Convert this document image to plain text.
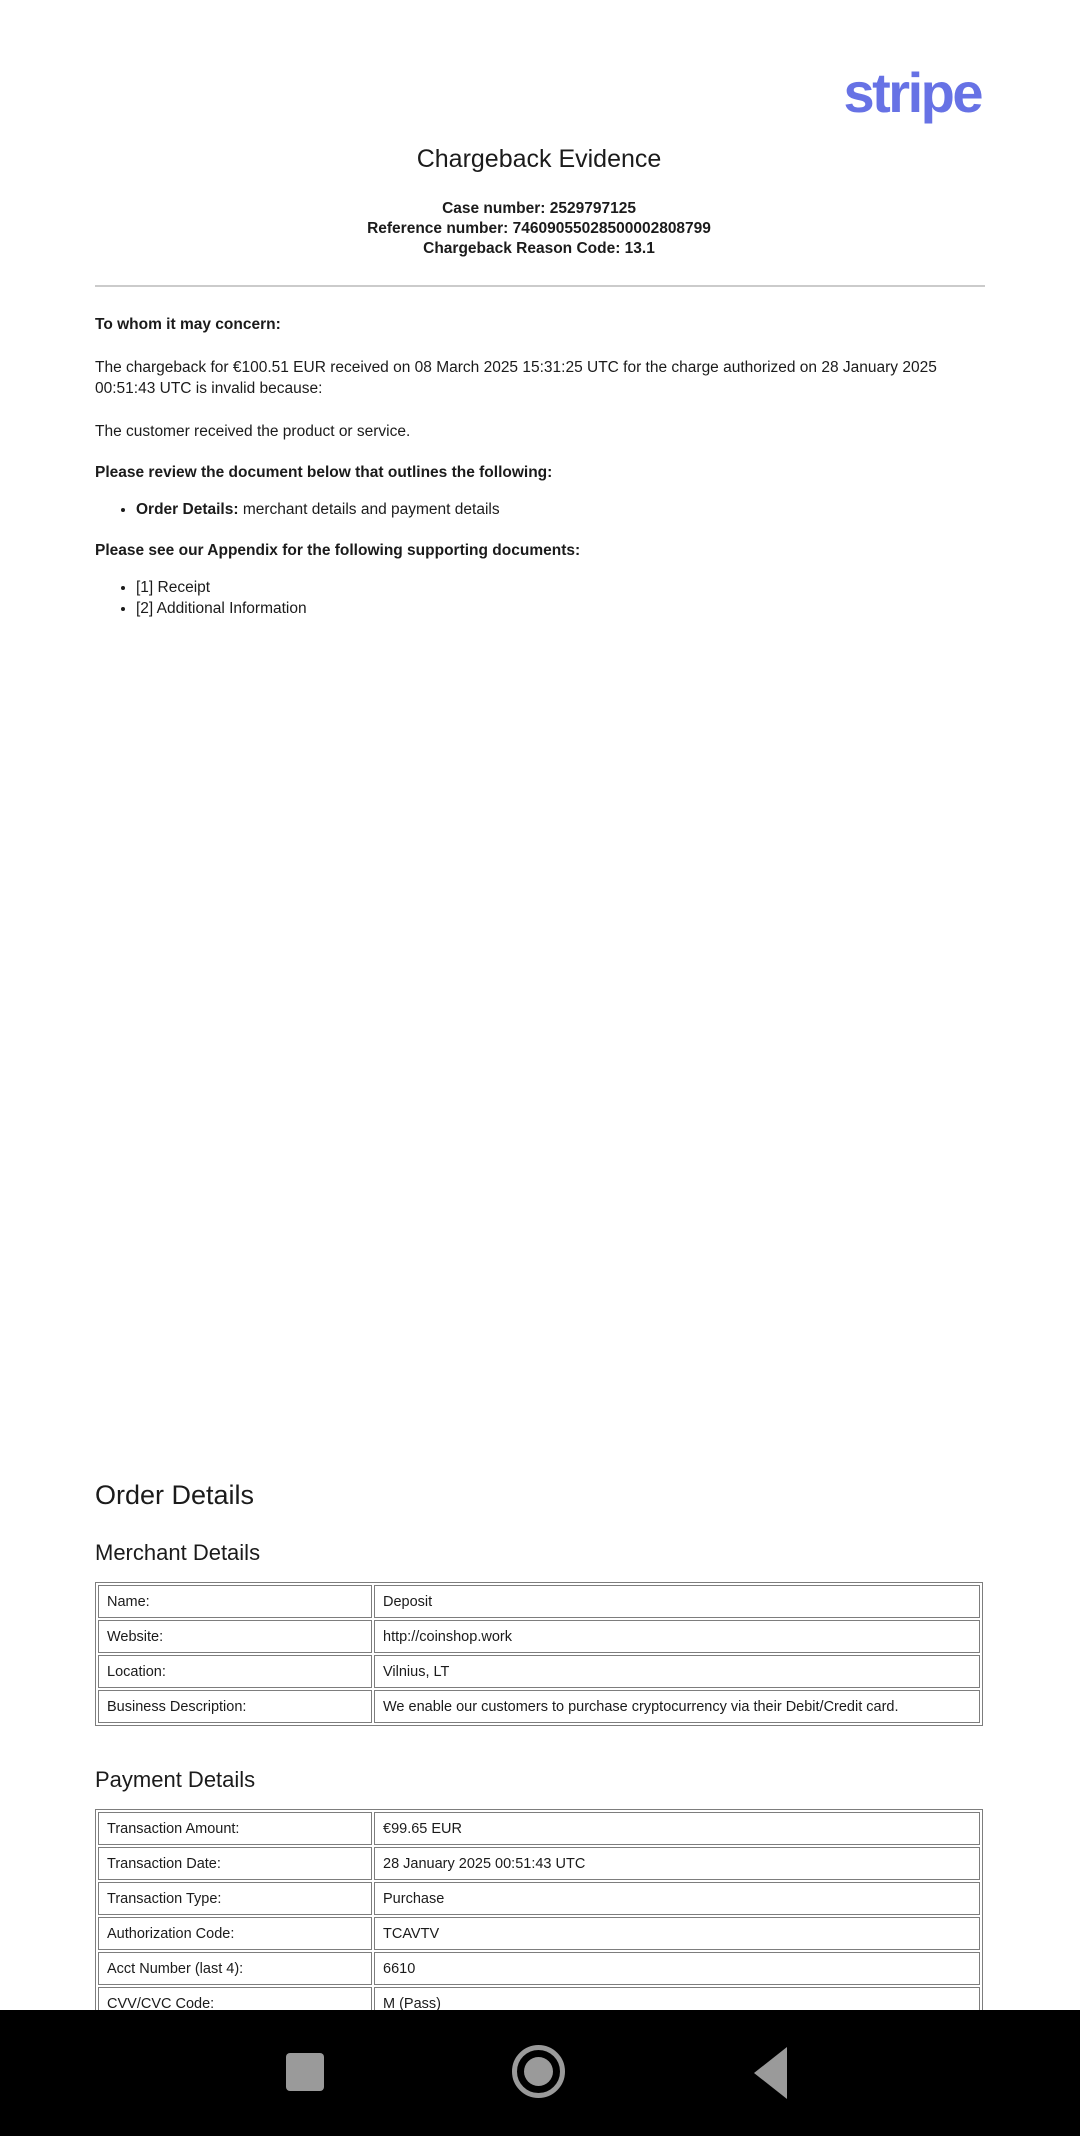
stripe
Chargeback Evidence
Case number: 2529797125
Reference number: 74609055028500002808799
Chargeback Reason Code: 13.1

To whom it may concern:

The chargeback for €100.51 EUR received on 08 March 2025 15:31:25 UTC for the charge authorized on 28 January 2025 00:51:43 UTC is invalid because:

The customer received the product or service.

Please review the document below that outlines the following:

• Order Details: merchant details and payment details

Please see our Appendix for the following supporting documents:

• [1] Receipt
• [2] Additional Information
Order Details
Merchant Details
Name:	Deposit
Website:	http://coinshop.work
Location:	Vilnius, LT
Business Description:	We enable our customers to purchase cryptocurrency via their Debit/Credit card.
Payment Details
Transaction Amount:	€99.65 EUR
Transaction Date:	28 January 2025 00:51:43 UTC
Transaction Type:	Purchase
Authorization Code:	TCAVTV
Acct Number (last 4):	6610
CVV/CVC Code:	M (Pass)
